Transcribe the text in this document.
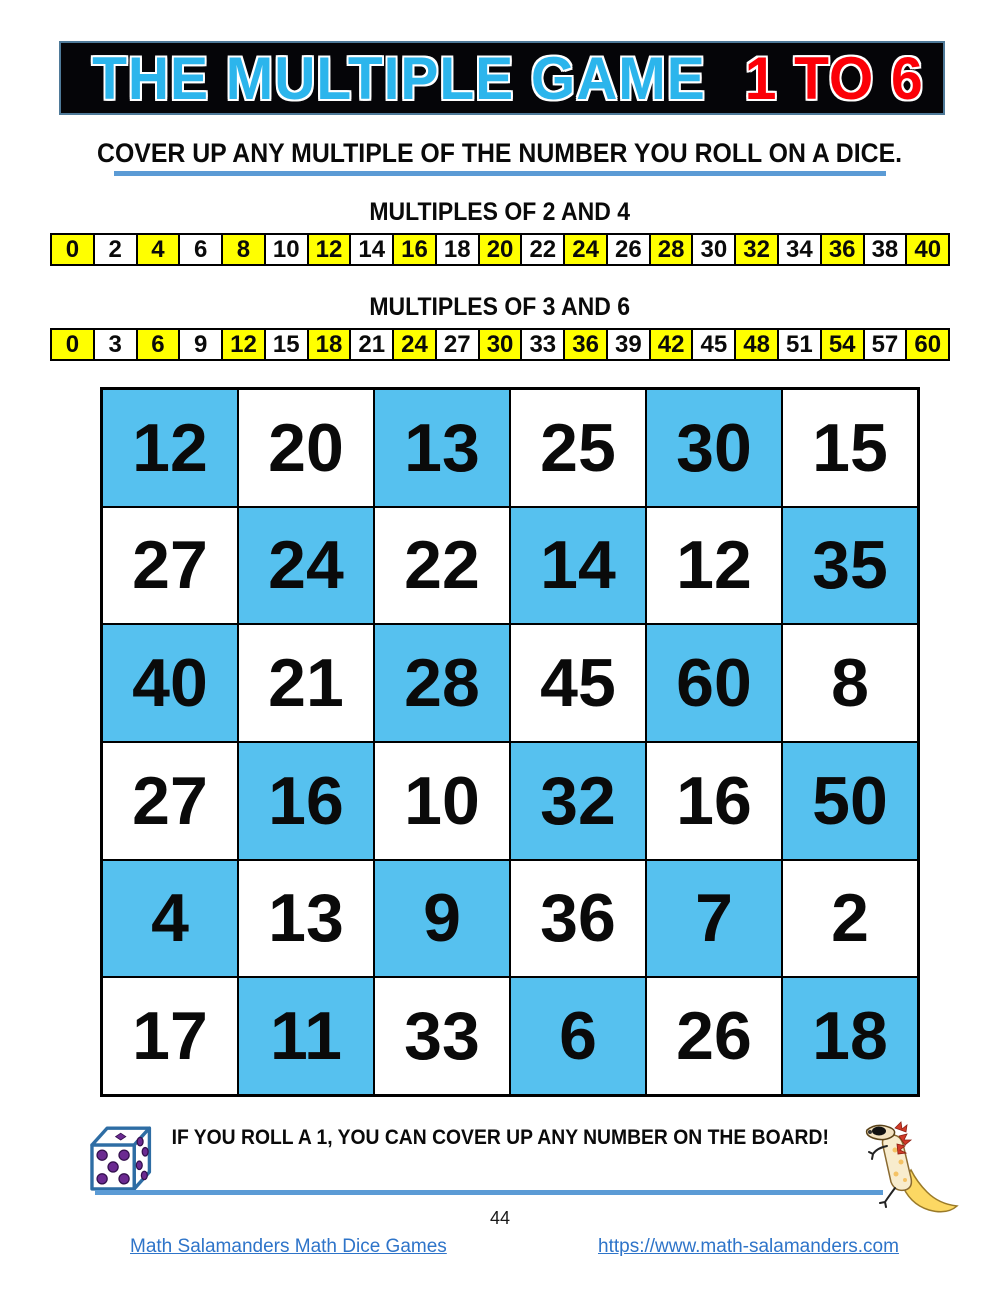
THE MULTIPLE GAME 1 TO 6
COVER UP ANY MULTIPLE OF THE NUMBER YOU ROLL ON A DICE.
MULTIPLES OF 2 AND 4
0	2	4	6	8 10 12 14 16 18 20 22 24 26 28 30 32 34 36 38 40
MULTIPLES OF 3 AND 6
0	3	6	9 12 15 18 21 24 27 30 33 36 39 42 45 48 51 54 57 60
12 20 13 25 30 15
27 24 22 14 12 35
40 21 28 45 60	8
27 16 10 32 16 50
4	13	9	36	7	2
17 11 33	6	26 18
IF YOU ROLL A 1, YOU CAN COVER UP ANY NUMBER ON THE BOARD!
44
Math Salamanders Math Dice Games	https://www.math-salamanders.com
